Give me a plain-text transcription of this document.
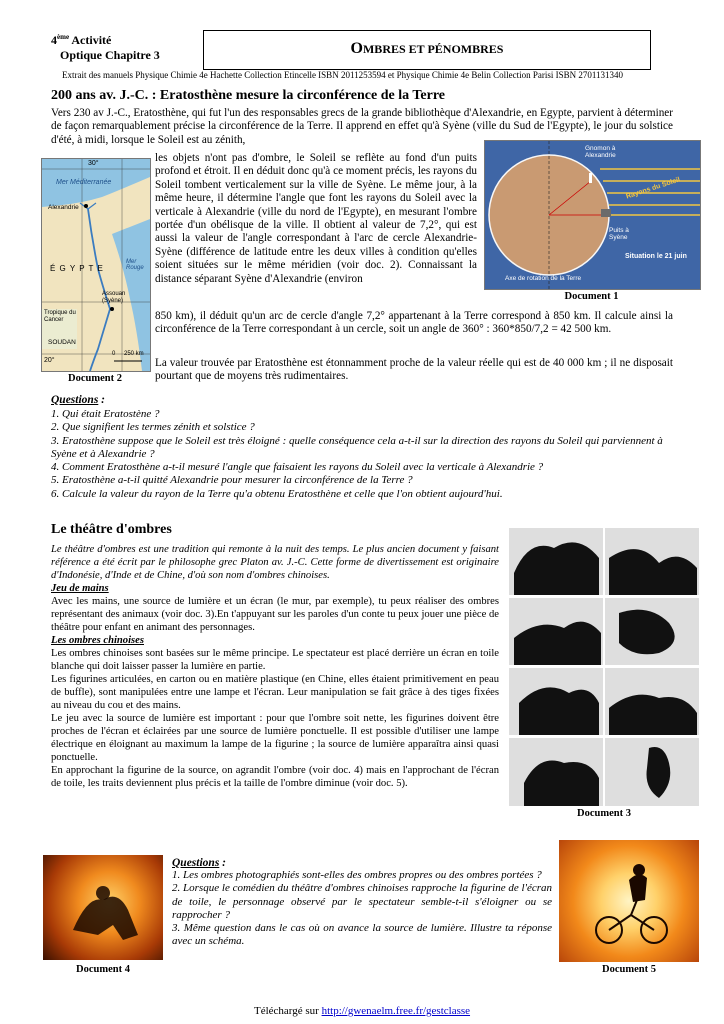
4ème Activité
Optique Chapitre 3	OMBRES ET PÉNOMBRES
Extrait des manuels Physique Chimie 4e Hachette Collection Etincelle ISBN 2011253594 et Physique Chimie 4e Belin Collection Parisi ISBN 2701131340
200 ans av. J.-C. : Eratosthène mesure la circonférence de la Terre

Vers 230 av J.-C., Eratosthène, qui fut l'un des responsables grecs de la grande bibliothèque d'Alexandrie, en Egypte, parvient à déterminer de façon remarquablement précise la circonférence de la Terre. Il apprend en effet qu'à Syène (ville du Sud de l'Egypte), le jour du solstice d'été, à midi, lorsque le Soleil est au zénith,

les objets n'ont pas d'ombre, le Soleil se reflète au fond d'un puits profond et étroit. Il en déduit donc qu'à ce moment précis, les rayons du Soleil tombent verticalement sur la ville de Syène. Le même jour, à la même heure, il détermine l'angle que font les rayons du Soleil avec la verticale à Alexandrie (ville du nord de l'Egypte), en mesurant l'ombre portée d'un obélisque de la ville. Il obtient al valeur de 7,2°, qui est aussi la valeur de l'angle correspondant à l'arc de cercle Alexandrie-Syène (différence de latitude entre les deux villes à condition qu'elles soient situées sur le même méridien (voir doc. 2). Connaissant la distance séparant Syène d'Alexandrie (environ

850 km), il déduit qu'un arc de cercle d'angle 7,2° appartenant à la Terre correspond à 850 km. Il calcule ainsi la circonférence de la Terre correspondant à un cercle, soit un angle de 360° : 360*850/7,2 = 42 500 km.

La valeur trouvée par Eratosthène est étonnamment proche de la valeur réelle qui est de 40 000 km ; il ne disposait pourtant que de moyens très rudimentaires.

30°
Mer Méditerranée
Alexandrie
É G Y P T E
Mer Rouge
Assouan (Syène)
Tropique du Cancer
SOUDAN
20°
0 250 km
Document 2
Gnomon à Alexandrie
Rayons du Soleil
Puits à Syène
Situation le 21 juin
Axe de rotation de la Terre
Document 1
Questions :

1. Qui était Eratostène ?

2. Que signifient les termes zénith et solstice ?

3. Eratosthène suppose que le Soleil est très éloigné : quelle conséquence cela a-t-il sur la direction des rayons du Soleil qui parviennent à Syène et à Alexandrie ?

4. Comment Eratosthène a-t-il mesuré l'angle que faisaient les rayons du Soleil avec la verticale à Alexandrie ?

5. Eratosthène a-t-il quitté Alexandrie pour mesurer la circonférence de la Terre ?

6. Calcule la valeur du rayon de la Terre qu'a obtenu Eratosthène et celle que l'on obtient aujourd'hui.

Le théâtre d'ombres

Le théâtre d'ombres est une tradition qui remonte à la nuit des temps. Le plus ancien document y faisant référence a été écrit par le philosophe grec Platon av. J.-C. Cette forme de divertissement est originaire d'Indonésie, d'Inde et de Chine, d'où son nom d'ombres chinoises.

Jeu de mains

Avec les mains, une source de lumière et un écran (le mur, par exemple), tu peux réaliser des ombres représentant des animaux (voir doc. 3).En t'appuyant sur les paroles d'un conte tu peux jouer une pièce de théâtre pour enfant en animant des personnages.

Les ombres chinoises

Les ombres chinoises sont basées sur le même principe. Le spectateur est placé derrière un écran en toile blanche qui doit laisser passer la lumière en partie.

Les figurines articulées, en carton ou en matière plastique (en Chine, elles étaient primitivement en peau de buffle), sont manipulées entre une lampe et l'écran. Leur manipulation se fait grâce à des tiges fixées au niveau du cou et des mains.

Le jeu avec la source de lumière est important : pour que l'ombre soit nette, les figurines doivent être proches de l'écran et éclairées par une source de lumière ponctuelle. Il est possible d'utiliser une lampe électrique en éloignant au maximum la lampe de la figurine ; la source de lumière apparaîtra ainsi quasi ponctuelle.

En approchant la figurine de la source, on agrandit l'ombre (voir doc. 4) mais en l'approchant de l'écran de toile, les traits deviennent plus précis et la taille de l'ombre diminue (voir doc. 5).

Document 3
Document 4
Questions :

1. Les ombres photographiés sont-elles des ombres propres ou des ombres portées ?

2. Lorsque le comédien du théâtre d'ombres chinoises rapproche la figurine de l'écran de toile, le personnage observé par le spectateur semble-t-il s'éloigner ou se rapprocher ?

3. Même question dans le cas où on avance la source de lumière. Illustre ta réponse avec un schéma.

Document 5
Téléchargé sur http://gwenaelm.free.fr/gestclasse
